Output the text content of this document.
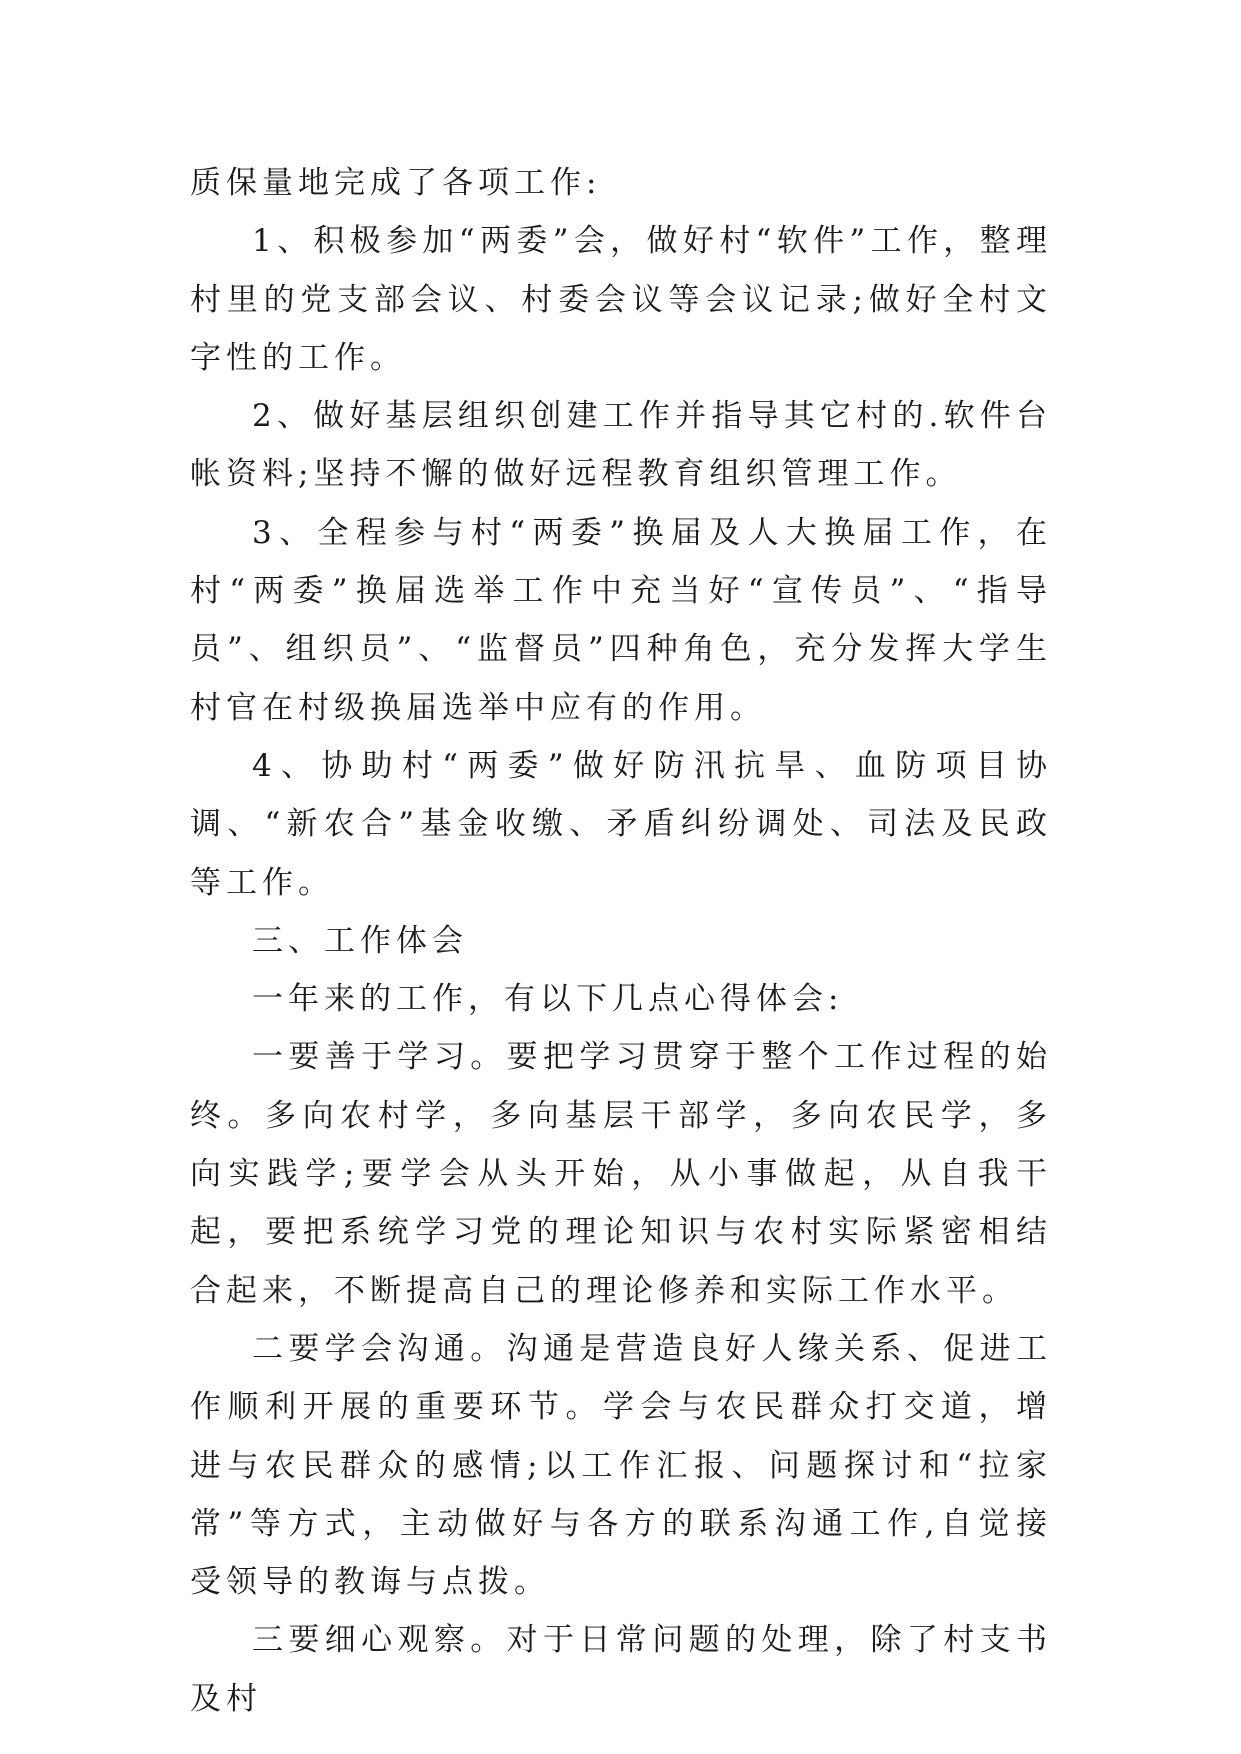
质保量地完成了各项工作:

1、积极参加“两委”会，做好村“软件”工作，整理村里的党支部会议、村委会议等会议记录;做好全村文字性的工作。

2、做好基层组织创建工作并指导其它村的.软件台帐资料;坚持不懈的做好远程教育组织管理工作。

3、全程参与村“两委”换届及人大换届工作，在村“两委”换届选举工作中充当好“宣传员”、“指导员”、组织员”、“监督员”四种角色，充分发挥大学生村官在村级换届选举中应有的作用。

4、协助村“两委”做好防汛抗旱、血防项目协调、“新农合”基金收缴、矛盾纠纷调处、司法及民政等工作。

三、工作体会

一年来的工作，有以下几点心得体会:

一要善于学习。要把学习贯穿于整个工作过程的始终。多向农村学，多向基层干部学，多向农民学，多向实践学;要学会从头开始，从小事做起，从自我干起，要把系统学习党的理论知识与农村实际紧密相结合起来，不断提高自己的理论修养和实际工作水平。

二要学会沟通。沟通是营造良好人缘关系、促进工作顺利开展的重要环节。学会与农民群众打交道，增进与农民群众的感情;以工作汇报、问题探讨和“拉家常”等方式，主动做好与各方的联系沟通工作,自觉接受领导的教诲与点拨。

三要细心观察。对于日常问题的处理，除了村支书及村
